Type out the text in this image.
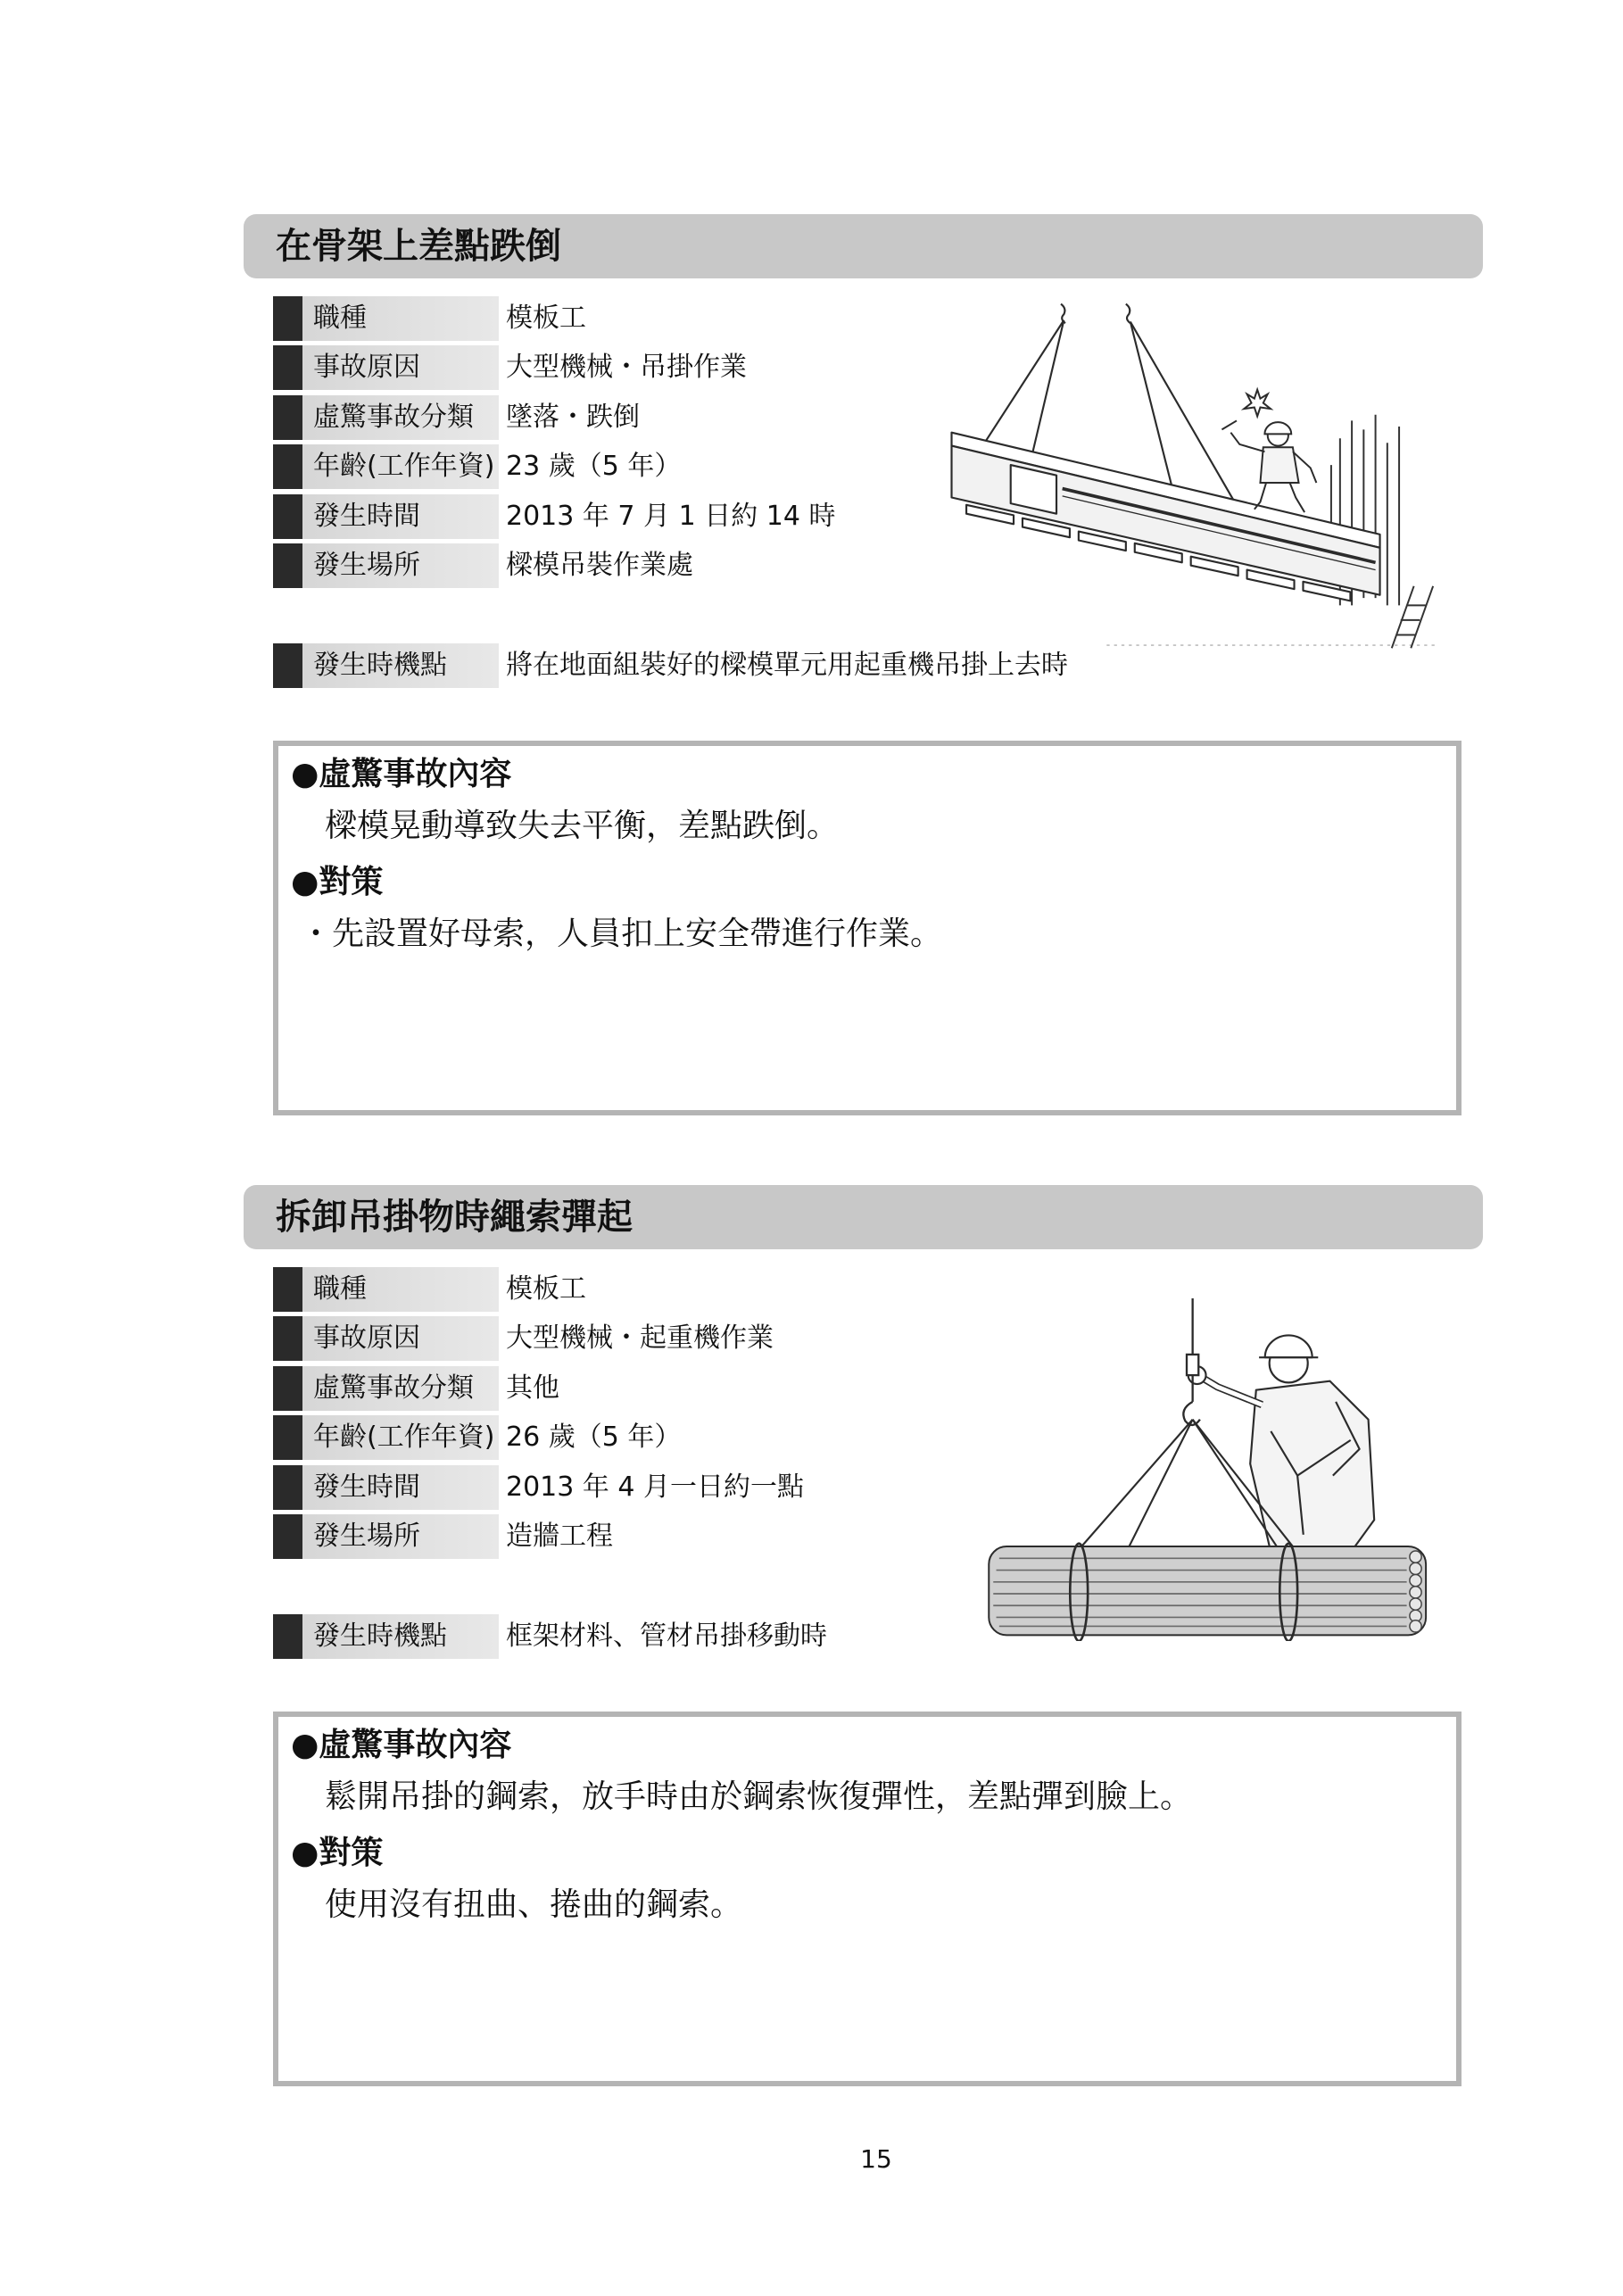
在骨架上差點跌倒
職種	模板工
事故原因	大型機械・吊掛作業
虛驚事故分類 墜落・跌倒
年齡(工作年資) 23 歲（5 年）
發生時間	2013 年 7 月 1 日約 14 時
發生場所	樑模吊裝作業處
發生時機點 將在地面組裝好的樑模單元用起重機吊掛上去時
●虛驚事故內容
樑模晃動導致失去平衡，差點跌倒。
●對策
・先設置好母索，人員扣上安全帶進行作業。
拆卸吊掛物時繩索彈起
職種	模板工
事故原因	大型機械・起重機作業
虛驚事故分類 其他
年齡(工作年資) 26 歲（5 年）
發生時間	2013 年 4 月一日約一點
發生場所	造牆工程
發生時機點 框架材料、管材吊掛移動時
●虛驚事故內容
鬆開吊掛的鋼索，放手時由於鋼索恢復彈性，差點彈到臉上。
●對策
使用沒有扭曲、捲曲的鋼索。
15
